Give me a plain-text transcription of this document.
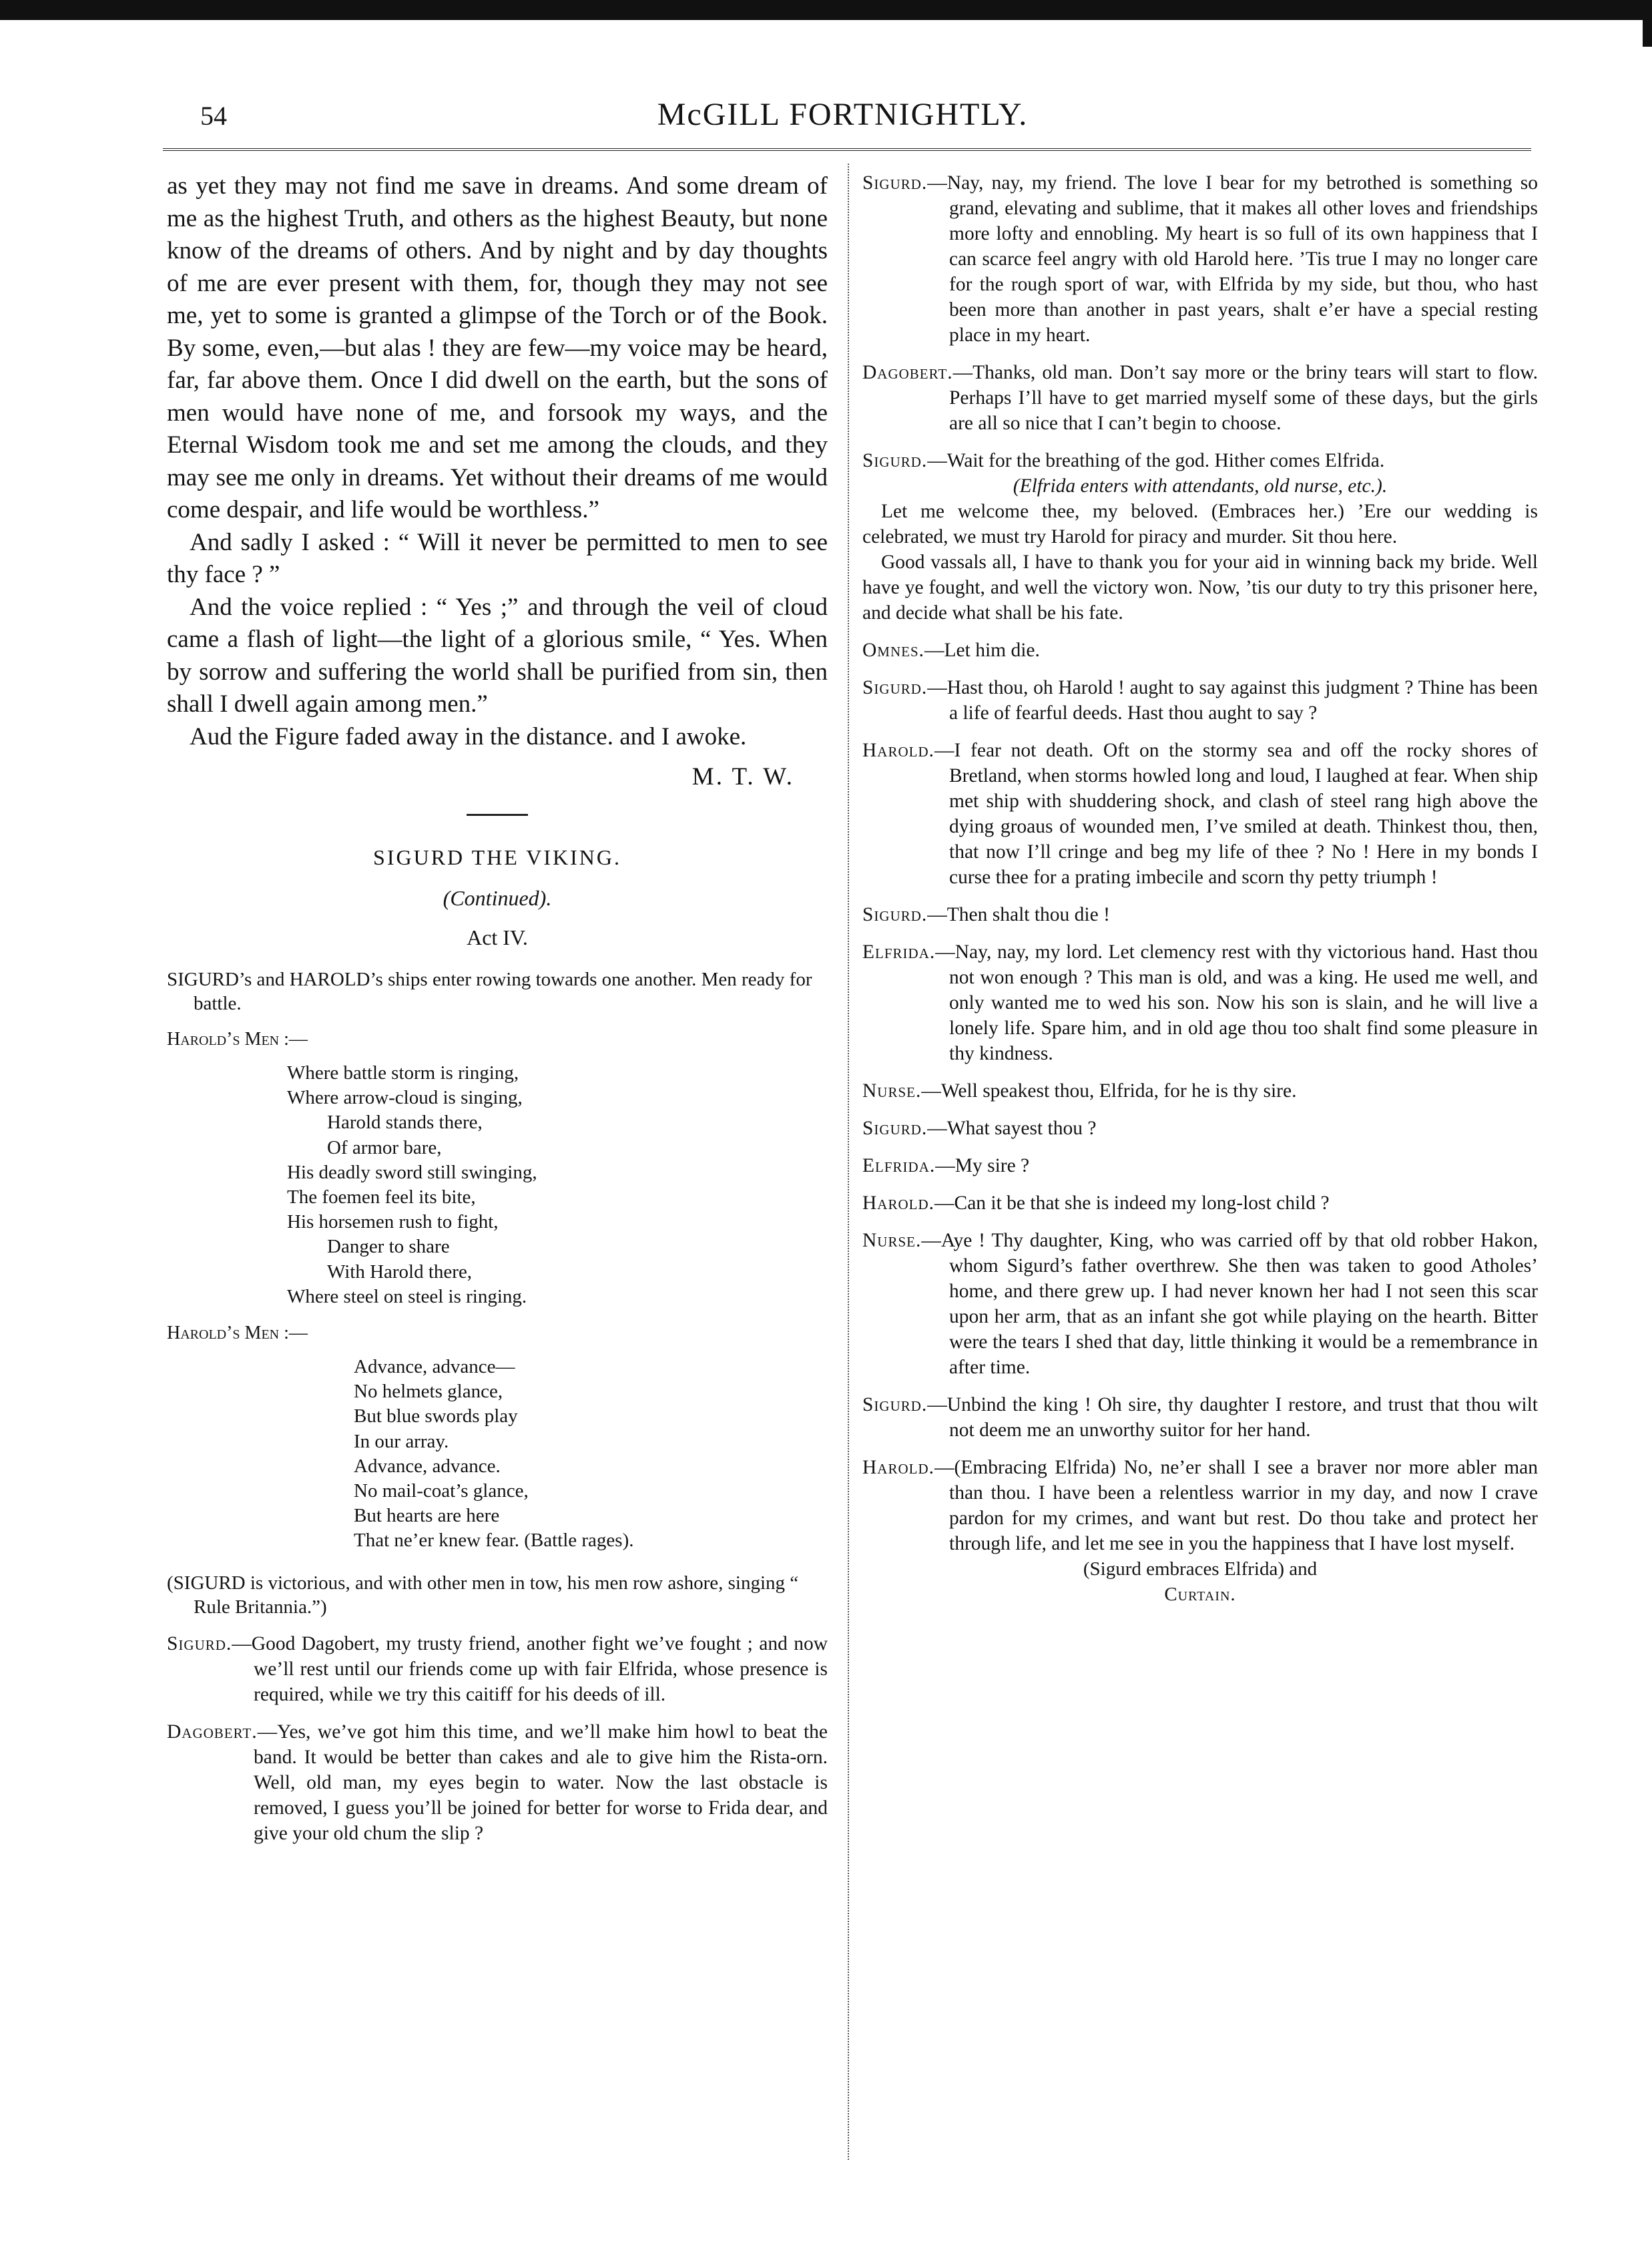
54	McGILL FORTNIGHTLY.

as yet they may not find me save in dreams. And some dream of me as the highest Truth, and others as the highest Beauty, but none know of the dreams of others. And by night and by day thoughts of me are ever present with them, for, though they may not see me, yet to some is granted a glimpse of the Torch or of the Book. By some, even,—but alas ! they are few—my voice may be heard, far, far above them. Once I did dwell on the earth, but the sons of men would have none of me, and forsook my ways, and the Eternal Wisdom took me and set me among the clouds, and they may see me only in dreams. Yet without their dreams of me would come despair, and life would be worthless.”

And sadly I asked : “ Will it never be permitted to men to see thy face ? ”

And the voice replied : “ Yes ;” and through the veil of cloud came a flash of light—the light of a glorious smile, “ Yes. When by sorrow and suffering the world shall be purified from sin, then shall I dwell again among men.”

Aud the Figure faded away in the distance. and I awoke.

M. T. W.

SIGURD THE VIKING.

(Continued).

Act IV.

SIGURD’s and HAROLD’s ships enter rowing towards one another. Men ready for battle.

Harold’s Men :—
Where battle storm is ringing,
Where arrow-cloud is singing,
Harold stands there,
Of armor bare,
His deadly sword still swinging,
The foemen feel its bite,
His horsemen rush to fight,
Danger to share
With Harold there,
Where steel on steel is ringing.
Harold’s Men :—
Advance, advance—
No helmets glance,
But blue swords play
In our array.
Advance, advance.
No mail-coat’s glance,
But hearts are here
That ne’er knew fear. (Battle rages).

(SIGURD is victorious, and with other men in tow, his men row ashore, singing “ Rule Britannia.”)

Sigurd.—Good Dagobert, my trusty friend, another fight we’ve fought ; and now we’ll rest until our friends come up with fair Elfrida, whose presence is required, while we try this caitiff for his deeds of ill.

Dagobert.—Yes, we’ve got him this time, and we’ll make him howl to beat the band. It would be better than cakes and ale to give him the Rista-orn. Well, old man, my eyes begin to water. Now the last obstacle is removed, I guess you’ll be joined for better for worse to Frida dear, and give your old chum the slip ?

Sigurd.—Nay, nay, my friend. The love I bear for my betrothed is something so grand, elevating and sublime, that it makes all other loves and friendships more lofty and ennobling. My heart is so full of its own happiness that I can scarce feel angry with old Harold here. ’Tis true I may no longer care for the rough sport of war, with Elfrida by my side, but thou, who hast been more than another in past years, shalt e’er have a special resting place in my heart.

Dagobert.—Thanks, old man. Don’t say more or the briny tears will start to flow. Perhaps I’ll have to get married myself some of these days, but the girls are all so nice that I can’t begin to choose.

Sigurd.—Wait for the breathing of the god. Hither comes Elfrida.

(Elfrida enters with attendants, old nurse, etc.).

Let me welcome thee, my beloved. (Embraces her.) ’Ere our wedding is celebrated, we must try Harold for piracy and murder. Sit thou here.

Good vassals all, I have to thank you for your aid in winning back my bride. Well have ye fought, and well the victory won. Now, ’tis our duty to try this prisoner here, and decide what shall be his fate.

Omnes.—Let him die.

Sigurd.—Hast thou, oh Harold ! aught to say against this judgment ? Thine has been a life of fearful deeds. Hast thou aught to say ?

Harold.—I fear not death. Oft on the stormy sea and off the rocky shores of Bretland, when storms howled long and loud, I laughed at fear. When ship met ship with shuddering shock, and clash of steel rang high above the dying groaus of wounded men, I’ve smiled at death. Thinkest thou, then, that now I’ll cringe and beg my life of thee ? No ! Here in my bonds I curse thee for a prating imbecile and scorn thy petty triumph !

Sigurd.—Then shalt thou die !

Elfrida.—Nay, nay, my lord. Let clemency rest with thy victorious hand. Hast thou not won enough ? This man is old, and was a king. He used me well, and only wanted me to wed his son. Now his son is slain, and he will live a lonely life. Spare him, and in old age thou too shalt find some pleasure in thy kindness.

Nurse.—Well speakest thou, Elfrida, for he is thy sire.

Sigurd.—What sayest thou ?

Elfrida.—My sire ?

Harold.—Can it be that she is indeed my long-lost child ?

Nurse.—Aye ! Thy daughter, King, who was carried off by that old robber Hakon, whom Sigurd’s father overthrew. She then was taken to good Atholes’ home, and there grew up. I had never known her had I not seen this scar upon her arm, that as an infant she got while playing on the hearth. Bitter were the tears I shed that day, little thinking it would be a remembrance in after time.

Sigurd.—Unbind the king ! Oh sire, thy daughter I restore, and trust that thou wilt not deem me an unworthy suitor for her hand.

Harold.—(Embracing Elfrida) No, ne’er shall I see a braver nor more abler man than thou. I have been a relentless warrior in my day, and now I crave pardon for my crimes, and want but rest. Do thou take and protect her through life, and let me see in you the happiness that I have lost myself.

(Sigurd embraces Elfrida) and

Curtain.
